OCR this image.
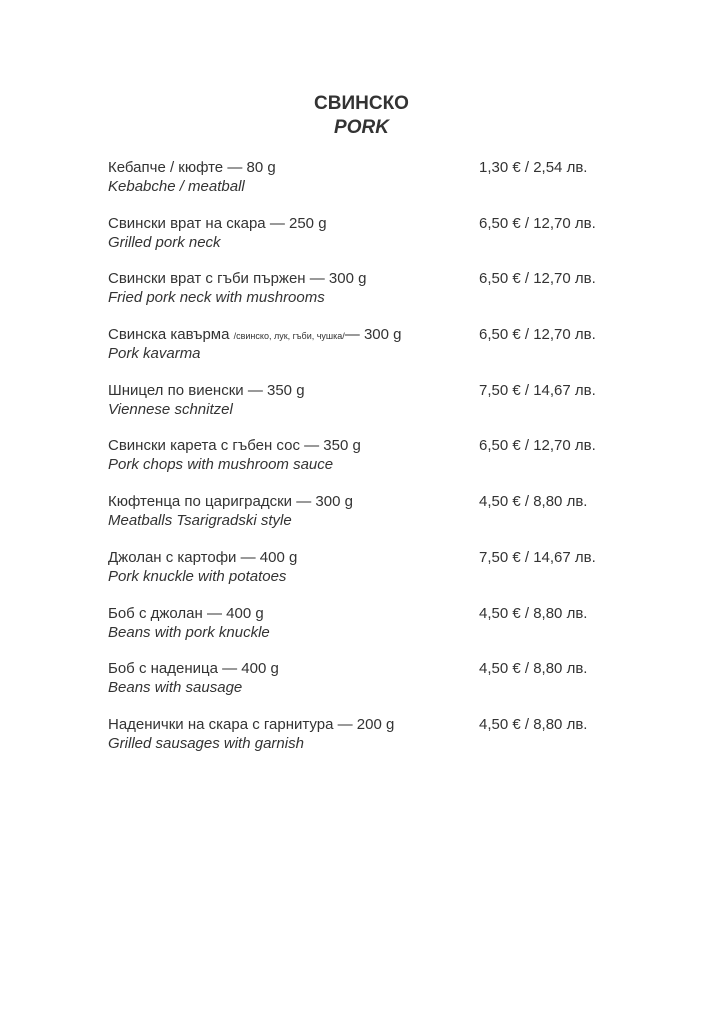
СВИНСКО
PORK
Кебапче / кюфте — 80 g
Kebabche / meatball
1,30 € / 2,54 лв.
Свински врат на скара — 250 g
Grilled pork neck
6,50 € / 12,70 лв.
Свински врат с гъби пържен — 300 g
Fried pork neck with mushrooms
6,50 € / 12,70 лв.
Свинска кавърма /свинско, лук, гъби, чушка/— 300 g
Pork kavarma
6,50 € / 12,70 лв.
Шницел по виенски — 350 g
Viennese schnitzel
7,50 € / 14,67 лв.
Свински карета с гъбен сос — 350 g
Pork chops with mushroom sauce
6,50 € / 12,70 лв.
Кюфтенца по цариградски — 300 g
Meatballs Tsarigradski style
4,50 € / 8,80 лв.
Джолан с картофи — 400 g
Pork knuckle with potatoes
7,50 € / 14,67 лв.
Боб с джолан — 400 g
Beans with pork knuckle
4,50 € / 8,80 лв.
Боб с наденица — 400 g
Beans with sausage
4,50 € / 8,80 лв.
Наденички на скара с гарнитура — 200 g
Grilled sausages with garnish
4,50 € / 8,80 лв.
